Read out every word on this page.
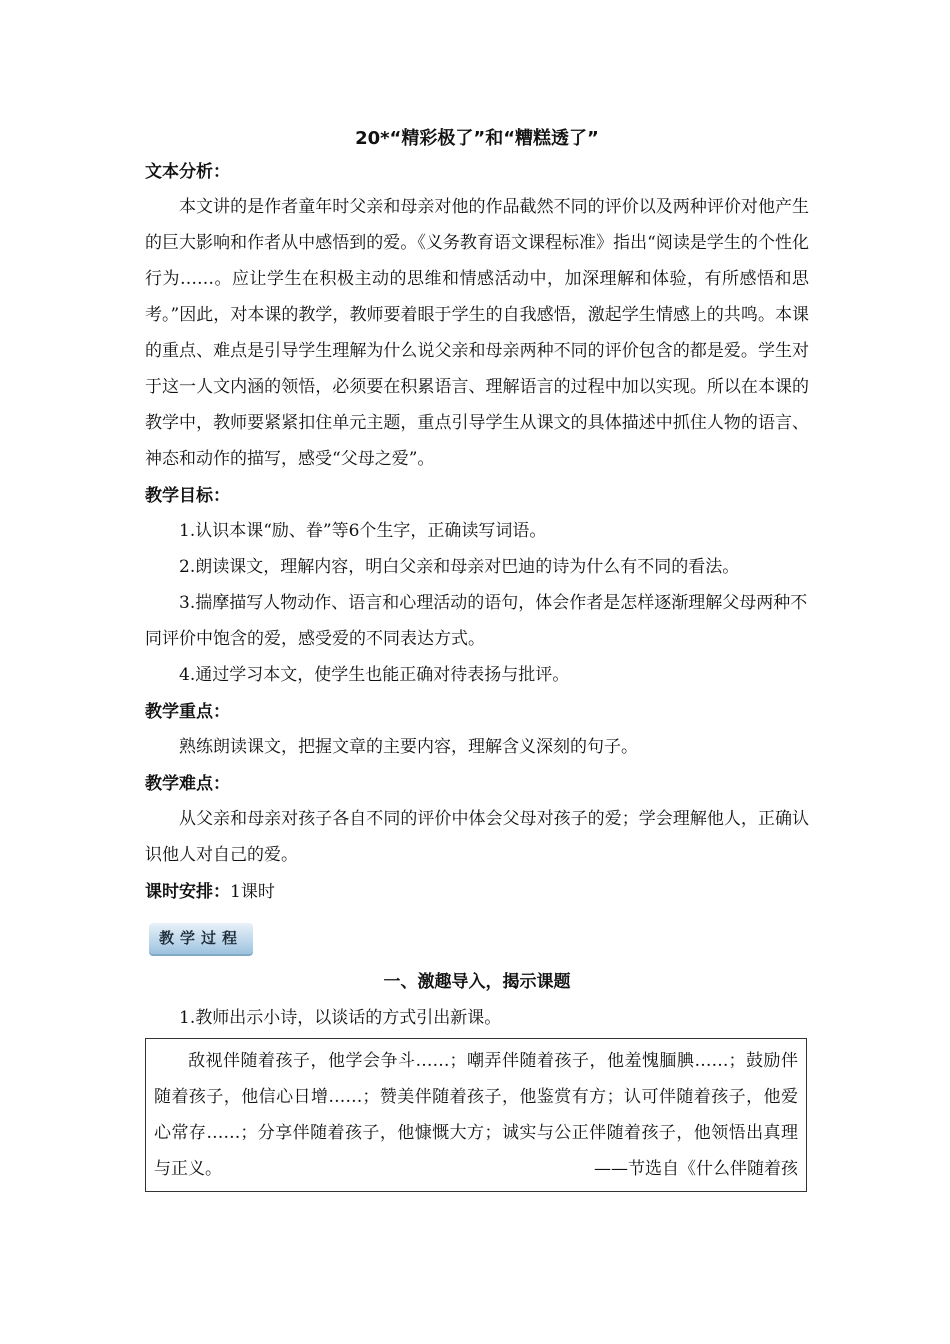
20*“精彩极了”和“糟糕透了”
文本分析：

本文讲的是作者童年时父亲和母亲对他的作品截然不同的评价以及两种评价对他产生的巨大影响和作者从中感悟到的爱。《义务教育语文课程标准》指出“阅读是学生的个性化行为……。应让学生在积极主动的思维和情感活动中，加深理解和体验，有所感悟和思考。”因此，对本课的教学，教师要着眼于学生的自我感悟，激起学生情感上的共鸣。本课的重点、难点是引导学生理解为什么说父亲和母亲两种不同的评价包含的都是爱。学生对于这一人文内涵的领悟，必须要在积累语言、理解语言的过程中加以实现。所以在本课的教学中，教师要紧紧扣住单元主题，重点引导学生从课文的具体描述中抓住人物的语言、神态和动作的描写，感受“父母之爱”。

教学目标：

1.认识本课“励、眷”等6个生字，正确读写词语。

2.朗读课文，理解内容，明白父亲和母亲对巴迪的诗为什么有不同的看法。

3.揣摩描写人物动作、语言和心理活动的语句，体会作者是怎样逐渐理解父母两种不同评价中饱含的爱，感受爱的不同表达方式。

4.通过学习本文，使学生也能正确对待表扬与批评。

教学重点：

熟练朗读课文，把握文章的主要内容，理解含义深刻的句子。

教学难点：

从父亲和母亲对孩子各自不同的评价中体会父母对孩子的爱；学会理解他人，正确认识他人对自己的爱。

课时安排：1课时
教学过程
一、激趣导入，揭示课题

1.教师出示小诗，以谈话的方式引出新课。

敌视伴随着孩子，他学会争斗……；嘲弄伴随着孩子，他羞愧腼腆……；鼓励伴随着孩子，他信心日增……；赞美伴随着孩子，他鉴赏有方；认可伴随着孩子，他爱心常存……；分享伴随着孩子，他慷慨大方；诚实与公正伴随着孩子，他领悟出真理与正义。	——节选自《什么伴随着孩
